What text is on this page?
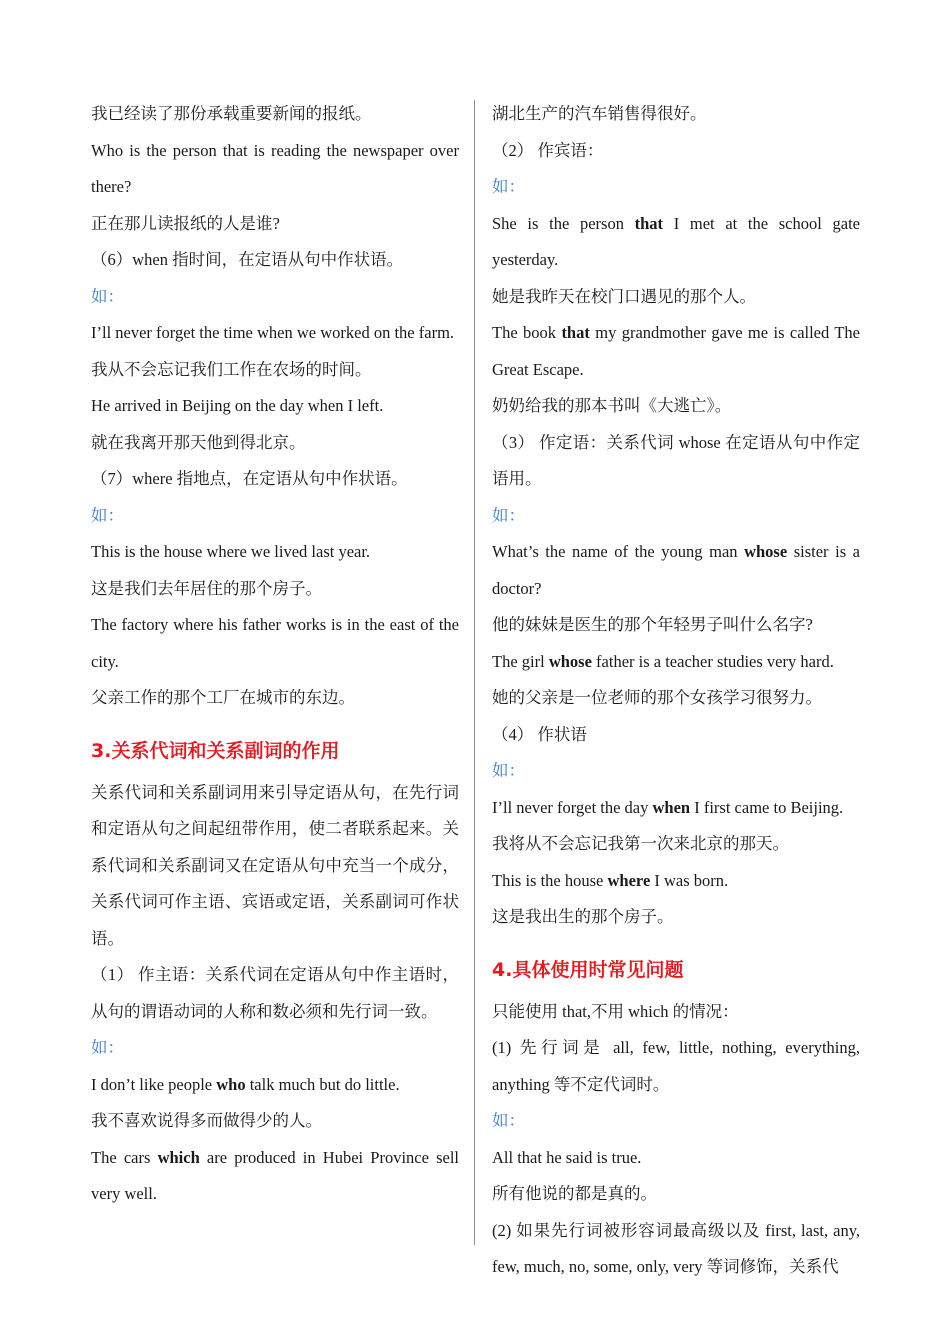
我已经读了那份承载重要新闻的报纸。
Who is the person that is reading the newspaper over there?
正在那儿读报纸的人是谁?
（6）when 指时间，在定语从句中作状语。
如：
I’ll never forget the time when we worked on the farm.
我从不会忘记我们工作在农场的时间。
He arrived in Beijing on the day when I left.
就在我离开那天他到得北京。
（7）where 指地点，在定语从句中作状语。
如：
This is the house where we lived last year.
这是我们去年居住的那个房子。
The factory where his father works is in the east of the city.
父亲工作的那个工厂在城市的东边。
3.关系代词和关系副词的作用
关系代词和关系副词用来引导定语从句，在先行词和定语从句之间起纽带作用，使二者联系起来。关系代词和关系副词又在定语从句中充当一个成分，关系代词可作主语、宾语或定语，关系副词可作状语。
（1） 作主语：关系代词在定语从句中作主语时，从句的谓语动词的人称和数必须和先行词一致。
如：
I don’t like people who talk much but do little.
我不喜欢说得多而做得少的人。
The cars which are produced in Hubei Province sell very well.
湖北生产的汽车销售得很好。
（2） 作宾语：
如：
She is the person that I met at the school gate yesterday.
她是我昨天在校门口遇见的那个人。
The book that my grandmother gave me is called The Great Escape.
奶奶给我的那本书叫《大逃亡》。
（3） 作定语：关系代词 whose 在定语从句中作定语用。
如：
What’s the name of the young man whose sister is a doctor?
他的妹妹是医生的那个年轻男子叫什么名字?
The girl whose father is a teacher studies very hard.
她的父亲是一位老师的那个女孩学习很努力。
（4） 作状语
如：
I’ll never forget the day when I first came to Beijing.
我将从不会忘记我第一次来北京的那天。
This is the house where I was born.
这是我出生的那个房子。
4.具体使用时常见问题
只能使用 that,不用 which 的情况：
(1) 先行词是 all, few, little, nothing, everything, anything 等不定代词时。
如：
All that he said is true.
所有他说的都是真的。
(2) 如果先行词被形容词最高级以及 first, last, any, few, much, no, some, only, very 等词修饰，关系代
